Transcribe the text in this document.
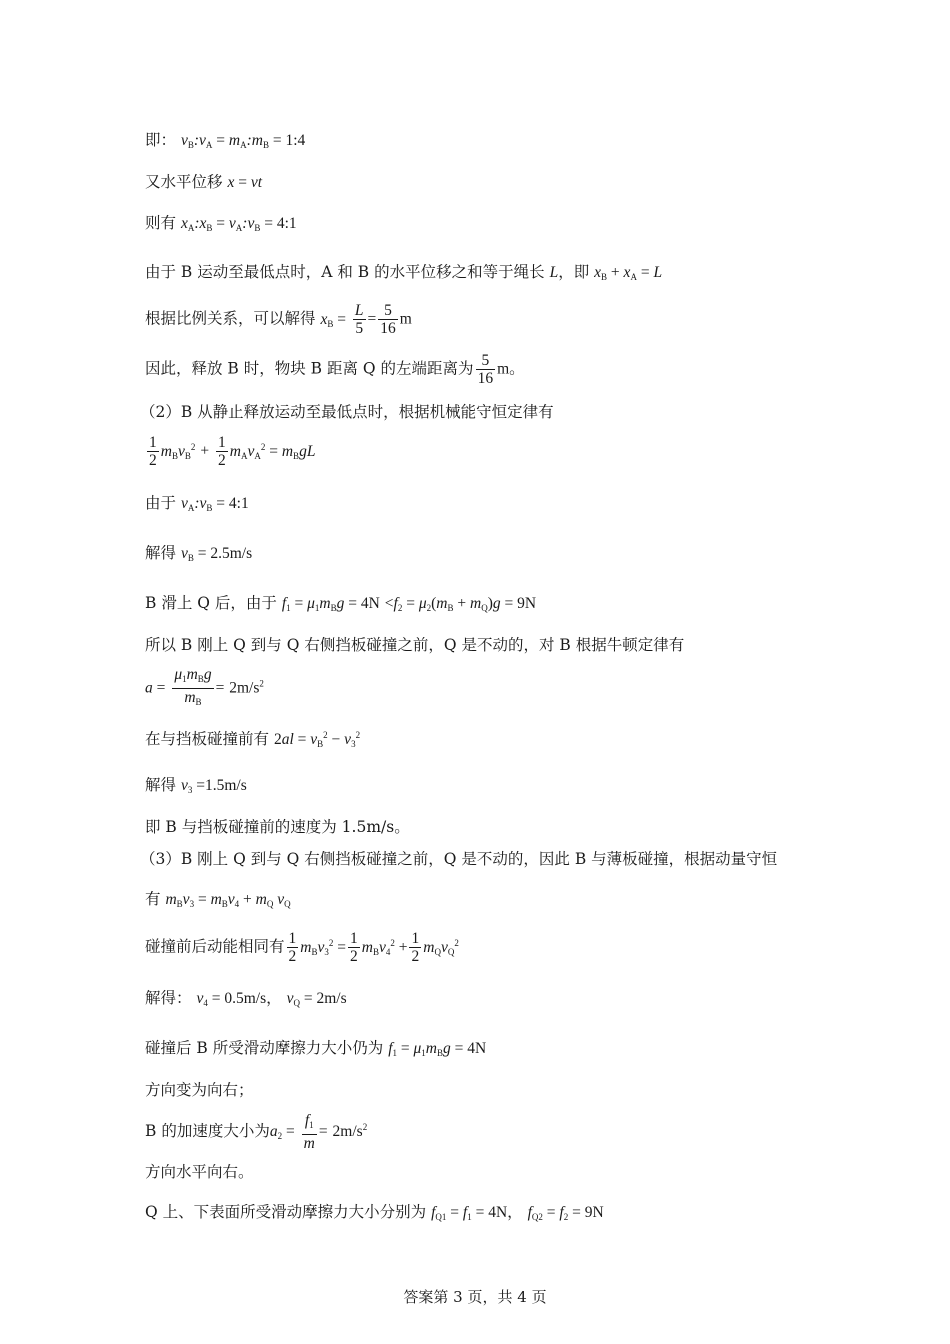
即： $v_B:v_A$ = $m_A:m_B$ = 1:4
又水平位移 x = vt
则有 $x_A:x_B$ = $v_A:v_B$ = 4:1
由于 B 运动至最低点时，A 和 B 的水平位移之和等于绳长 L，即 $x_B + x_A = L$
根据比例关系，可以解得 $x_B = \frac{L}{5} = \frac{5}{16}$ m
因此，释放 B 时，物块 B 距离 Q 的左端距离为 $\frac{5}{16}$ m。
（2）B 从静止释放运动至最低点时，根据机械能守恒定律有
$\frac{1}{2} m_Bv_B^2 + \frac{1}{2} m_Av_A^2 = m_BgL$
由于 $v_A:v_B$ = 4:1
解得 $v_B = 2.5m/s$
B 滑上 Q 后，由于 $f_1 = \mu_1m_Bg = 4N <f_2 = \mu_2(m_B + m_Q)g = 9N$
所以 B 刚上 Q 到与 Q 右侧挡板碰撞之前，Q 是不动的，对 B 根据牛顿定律有
$a = \frac{\mu_1m_Bg}{m_B} = 2m/s^2$
在与挡板碰撞前有 $2al = v_B^2 - v_3^2$
解得 $v_3 =1.5m/s$
即 B 与挡板碰撞前的速度为 1.5m/s。
（3）B 刚上 Q 到与 Q 右侧挡板碰撞之前，Q 是不动的，因此 B 与薄板碰撞，根据动量守恒
有 $m_Bv_3 = m_Bv_4 + m_Q$ $v_Q$
碰撞前后动能相同有 $\frac{1}{2} m_Bv_3^2 = \frac{1}{2} m_Bv_4^2 + \frac{1}{2} m_Qv_Q^2$
解得： $v_4 = 0.5m/s$， $v_Q = 2m/s$
碰撞后 B 所受滑动摩擦力大小仍为 $f_1 = \mu_1m_Bg = 4N$
方向变为向右；
B 的加速度大小为$a_2 = \frac{f_1}{m} = 2m/s^2$
方向水平向右。
Q 上、下表面所受滑动摩擦力大小分别为 $f_{Q1} = f_1 = 4N$， $f_{Q2} = f_2 = 9N$
答案第 3 页，共 4 页
